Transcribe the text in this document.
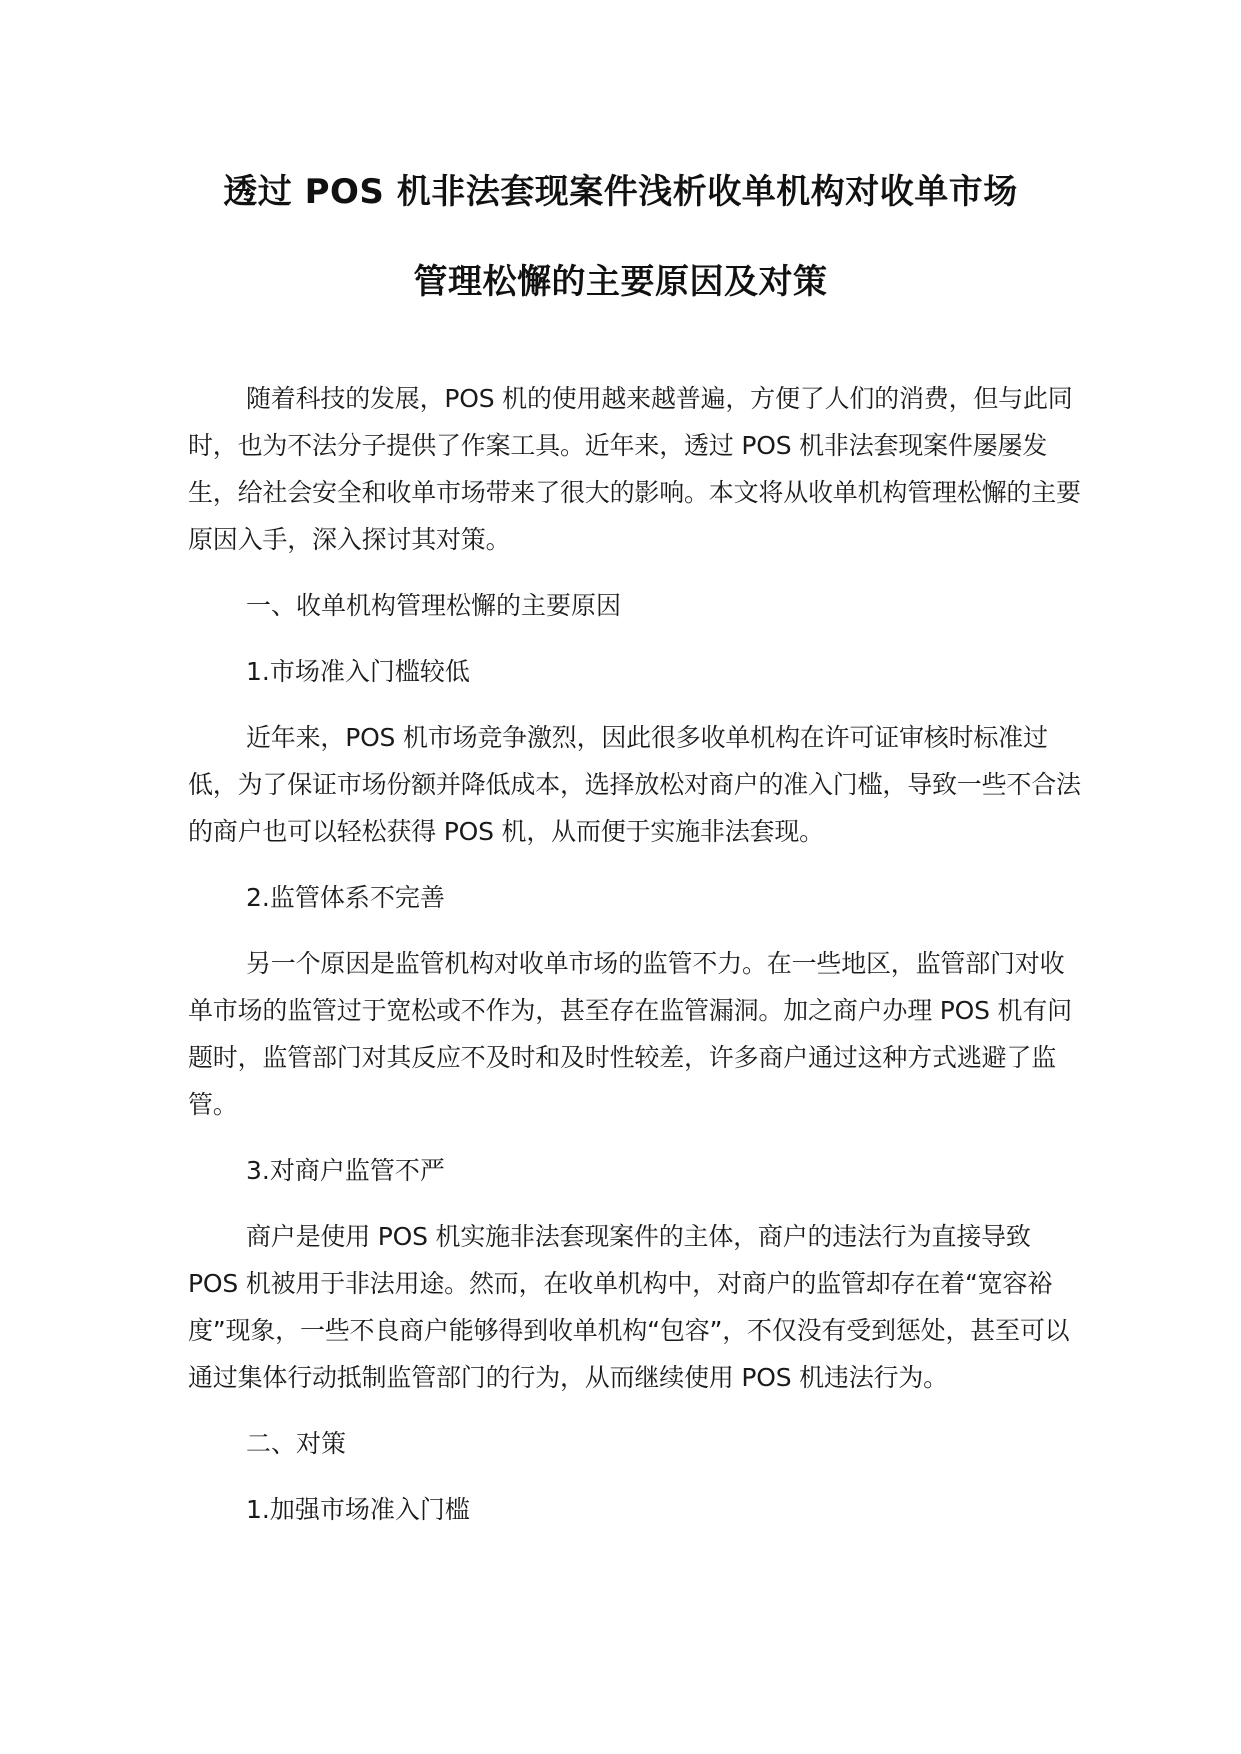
透过 POS 机非法套现案件浅析收单机构对收单市场
管理松懈的主要原因及对策

随着科技的发展，POS 机的使用越来越普遍，方便了人们的消费，但与此同时，也为不法分子提供了作案工具。近年来，透过 POS 机非法套现案件屡屡发生，给社会安全和收单市场带来了很大的影响。本文将从收单机构管理松懈的主要原因入手，深入探讨其对策。

一、收单机构管理松懈的主要原因

1.市场准入门槛较低

近年来，POS 机市场竞争激烈，因此很多收单机构在许可证审核时标准过低，为了保证市场份额并降低成本，选择放松对商户的准入门槛，导致一些不合法的商户也可以轻松获得 POS 机，从而便于实施非法套现。

2.监管体系不完善

另一个原因是监管机构对收单市场的监管不力。在一些地区，监管部门对收单市场的监管过于宽松或不作为，甚至存在监管漏洞。加之商户办理 POS 机有问题时，监管部门对其反应不及时和及时性较差，许多商户通过这种方式逃避了监管。

3.对商户监管不严

商户是使用 POS 机实施非法套现案件的主体，商户的违法行为直接导致 POS 机被用于非法用途。然而，在收单机构中，对商户的监管却存在着“宽容裕度”现象，一些不良商户能够得到收单机构“包容”，不仅没有受到惩处，甚至可以通过集体行动抵制监管部门的行为，从而继续使用 POS 机违法行为。

二、对策

1.加强市场准入门槛
